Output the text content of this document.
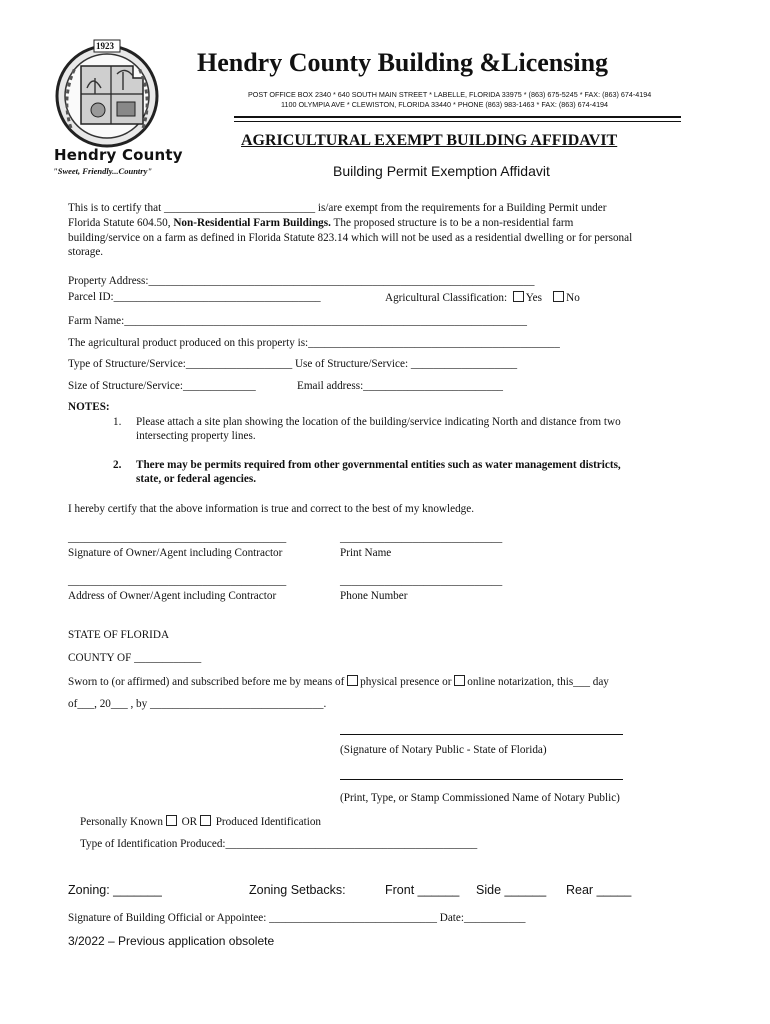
1923
Hendry County
"Sweet, Friendly...Country"
Hendry County Building &Licensing
POST OFFICE BOX 2340 * 640 SOUTH MAIN STREET * LABELLE, FLORIDA 33975 * (863) 675-5245 * FAX: (863) 674-4194
1100 OLYMPIA AVE * CLEWISTON, FLORIDA 33440 * PHONE (863) 983-1463 * FAX: (863) 674-4194
AGRICULTURAL EXEMPT BUILDING AFFIDAVIT
Building Permit Exemption Affidavit
This is to certify that ___________________________ is/are exempt from the requirements for a Building Permit under
Florida Statute 604.50, Non-Residential Farm Buildings. The proposed structure is to be a non-residential farm
building/service on a farm as defined in Florida Statute 823.14 which will not be used as a residential dwelling or for personal
storage.
Property Address:_____________________________________________________________________
Parcel ID:_____________________________________	Agricultural Classification: Yes No
Farm Name:________________________________________________________________________
The agricultural product produced on this property is:_____________________________________________
Type of Structure/Service:___________________ Use of Structure/Service: ___________________
Size of Structure/Service:_____________	Email address:_________________________
NOTES:
1. Please attach a site plan showing the location of the building/service indicating North and distance from two
intersecting property lines.
2. There may be permits required from other governmental entities such as water management districts,
state, or federal agencies.
I hereby certify that the above information is true and correct to the best of my knowledge.
_______________________________________	_____________________________
Signature of Owner/Agent including Contractor	Print Name
_______________________________________	_____________________________
Address of Owner/Agent including Contractor	Phone Number
STATE OF FLORIDA
COUNTY OF ____________
Sworn to (or affirmed) and subscribed before me by means of physical presence or online notarization, this___ day
of___, 20___ , by _______________________________.
(Signature of Notary Public - State of Florida)
(Print, Type, or Stamp Commissioned Name of Notary Public)
Personally Known OR Produced Identification
Type of Identification Produced:_____________________________________________
Zoning: _______	Zoning Setbacks:	Front ______ Side ______ Rear _____
Signature of Building Official or Appointee: ______________________________ Date:___________
3/2022 – Previous application obsolete
